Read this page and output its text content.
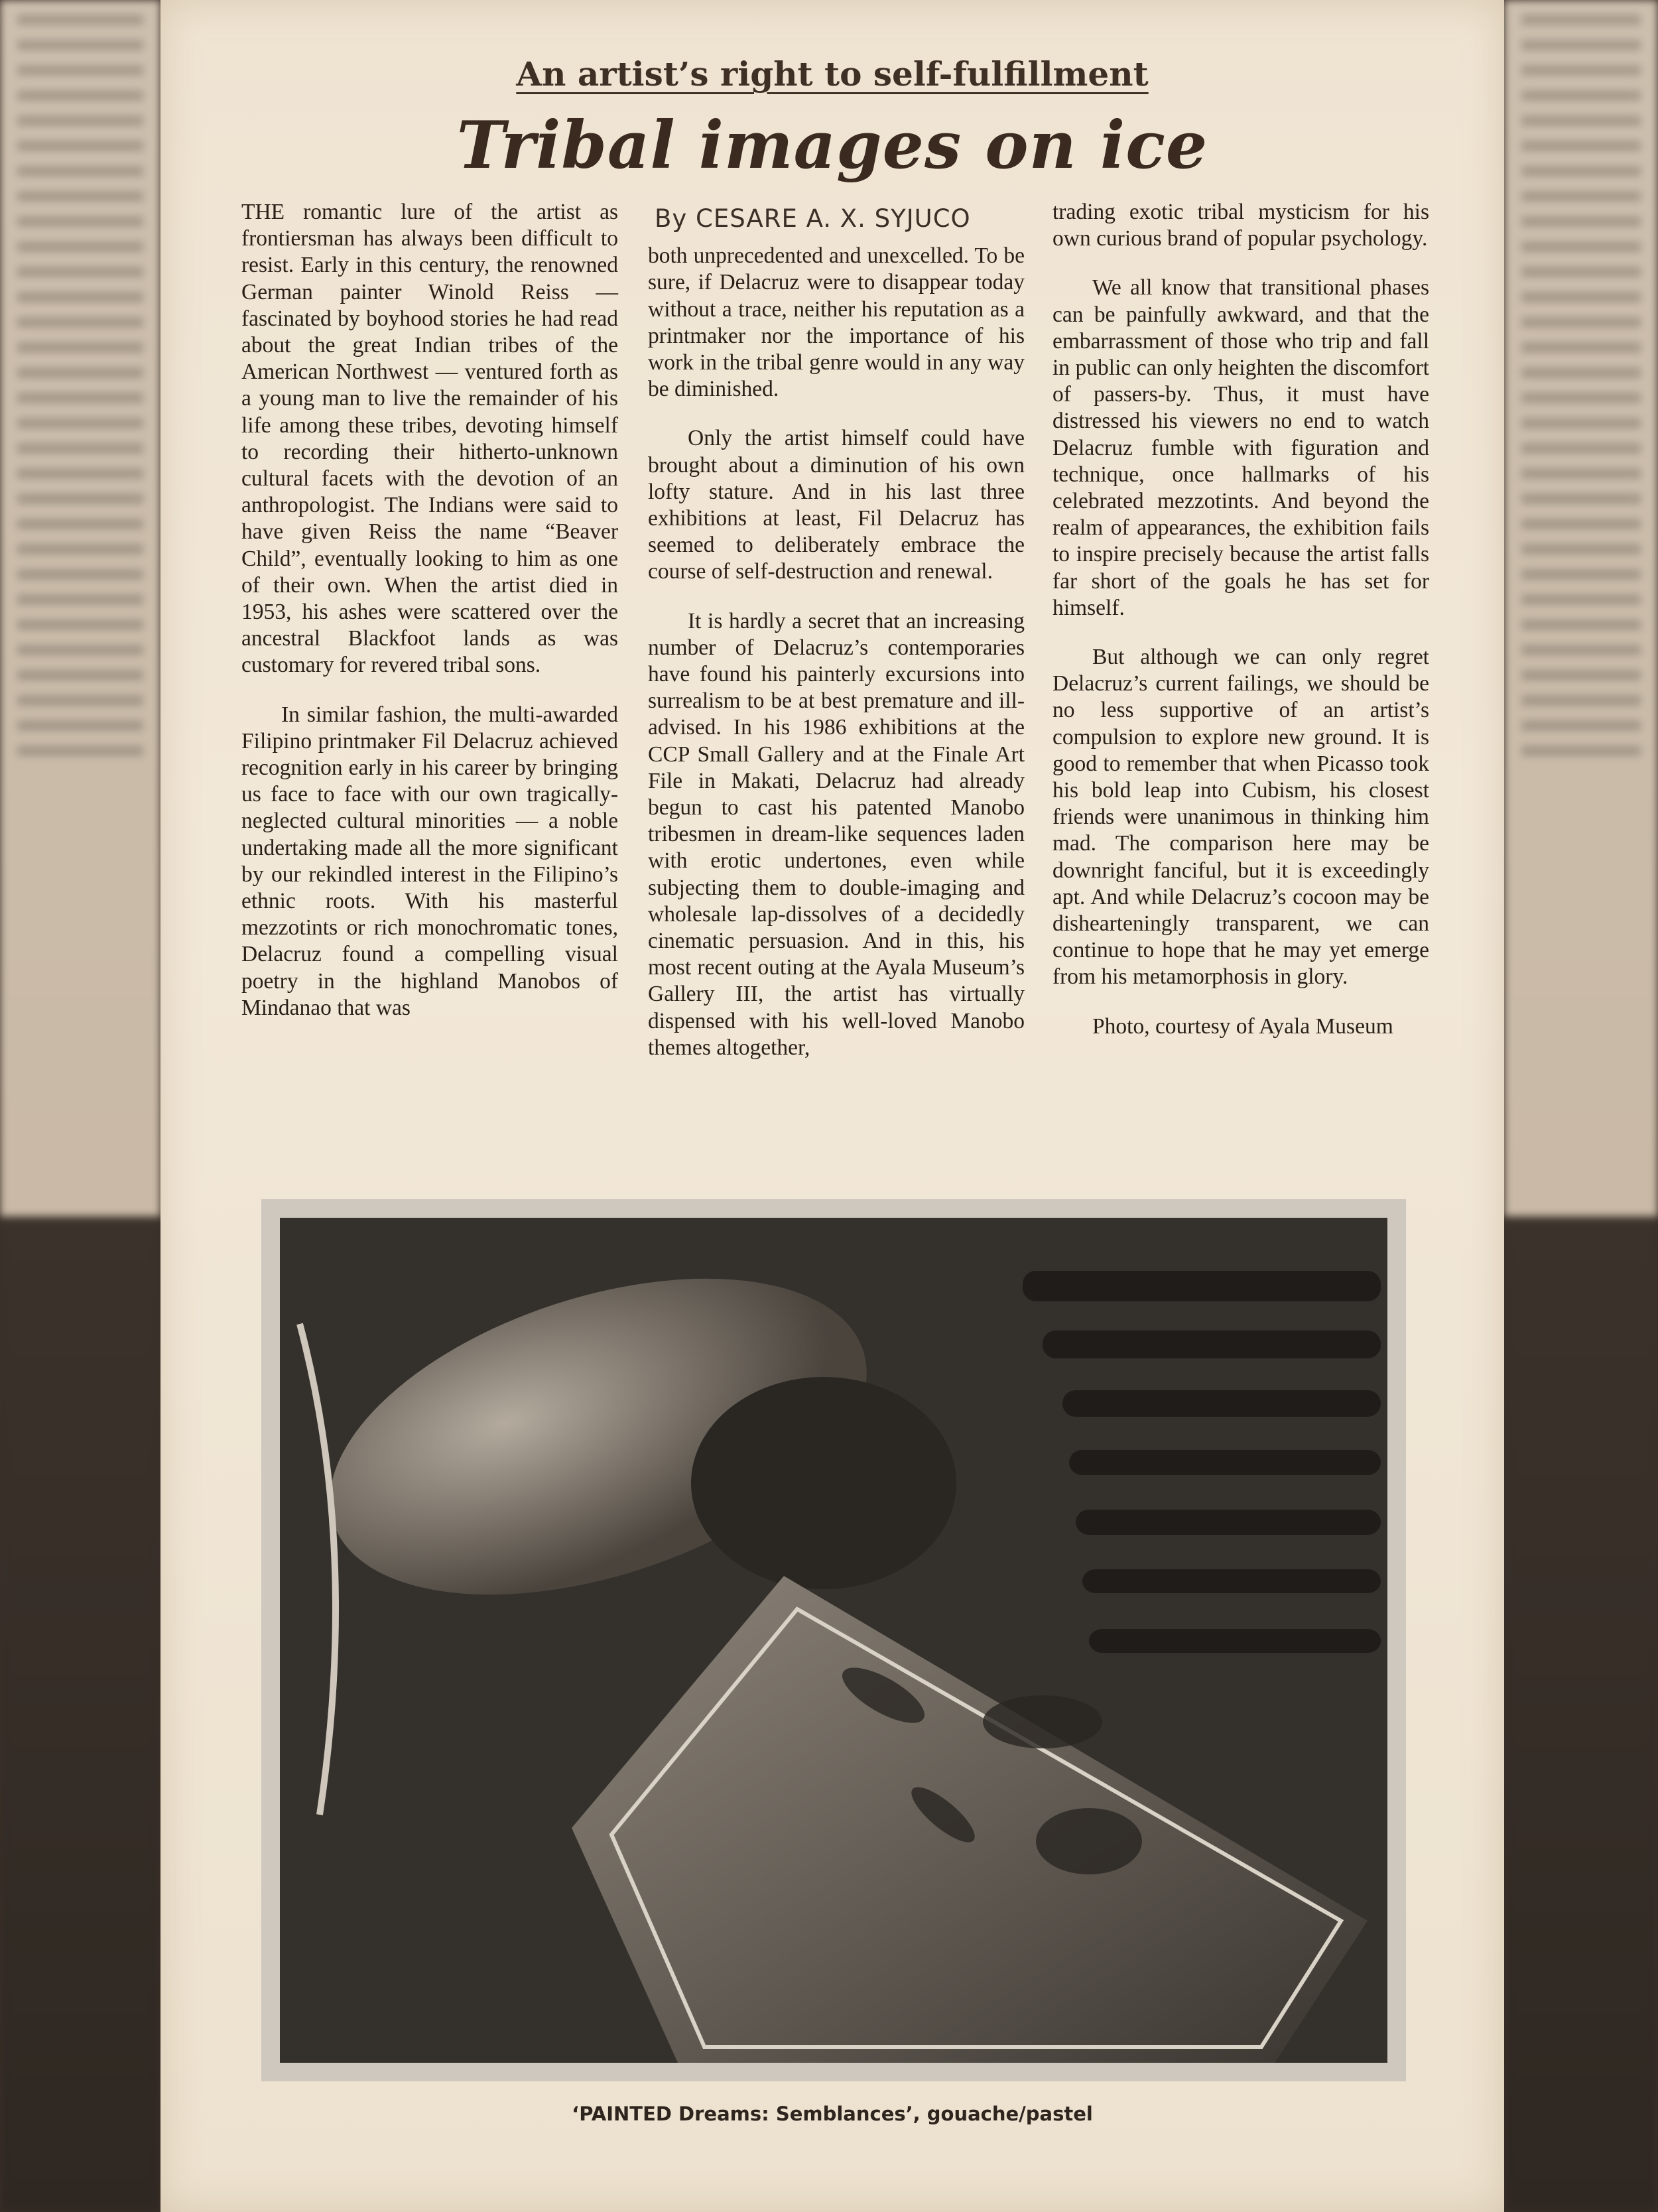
An artist’s right to self-fulfillment
Tribal images on ice

THE romantic lure of the artist as frontiersman has always been difficult to resist. Early in this century, the renowned German painter Winold Reiss — fascinated by boyhood stories he had read about the great Indian tribes of the American Northwest — ventured forth as a young man to live the remainder of his life among these tribes, devoting himself to recording their hitherto-unknown cultural facets with the devotion of an anthropologist. The Indians were said to have given Reiss the name “Beaver Child”, eventually looking to him as one of their own. When the artist died in 1953, his ashes were scattered over the ancestral Blackfoot lands as was customary for revered tribal sons.

In similar fashion, the multi-awarded Filipino printmaker Fil Delacruz achieved recognition early in his career by bringing us face to face with our own tragically-neglected cultural minorities — a noble undertaking made all the more significant by our rekindled interest in the Filipino’s ethnic roots. With his masterful mezzotints or rich monochromatic tones, Delacruz found a compelling visual poetry in the highland Manobos of Mindanao that was

By CESARE A. X. SYJUCO

both unprecedented and unexcelled. To be sure, if Delacruz were to disappear today without a trace, neither his reputation as a printmaker nor the importance of his work in the tribal genre would in any way be diminished.

Only the artist himself could have brought about a diminution of his own lofty stature. And in his last three exhibitions at least, Fil Delacruz has seemed to deliberately embrace the course of self-destruction and renewal.

It is hardly a secret that an increasing number of Delacruz’s contemporaries have found his painterly excursions into surrealism to be at best premature and ill-advised. In his 1986 exhibitions at the CCP Small Gallery and at the Finale Art File in Makati, Delacruz had already begun to cast his patented Manobo tribesmen in dream-like sequences laden with erotic undertones, even while subjecting them to double-imaging and wholesale lap-dissolves of a decidedly cinematic persuasion. And in this, his most recent outing at the Ayala Museum’s Gallery III, the artist has virtually dispensed with his well-loved Manobo themes altogether,

trading exotic tribal mysticism for his own curious brand of popular psychology.

We all know that transitional phases can be painfully awkward, and that the embarrassment of those who trip and fall in public can only heighten the discomfort of passers-by. Thus, it must have distressed his viewers no end to watch Delacruz fumble with figuration and technique, once hallmarks of his celebrated mezzotints. And beyond the realm of appearances, the exhibition fails to inspire precisely because the artist falls far short of the goals he has set for himself.

But although we can only regret Delacruz’s current failings, we should be no less supportive of an artist’s compulsion to explore new ground. It is good to remember that when Picasso took his bold leap into Cubism, his closest friends were unanimous in thinking him mad. The comparison here may be downright fanciful, but it is exceedingly apt. And while Delacruz’s cocoon may be dishearteningly transparent, we can continue to hope that he may yet emerge from his metamorphosis in glory.

Photo, courtesy of Ayala Museum

‘PAINTED Dreams: Semblances’, gouache/pastel
